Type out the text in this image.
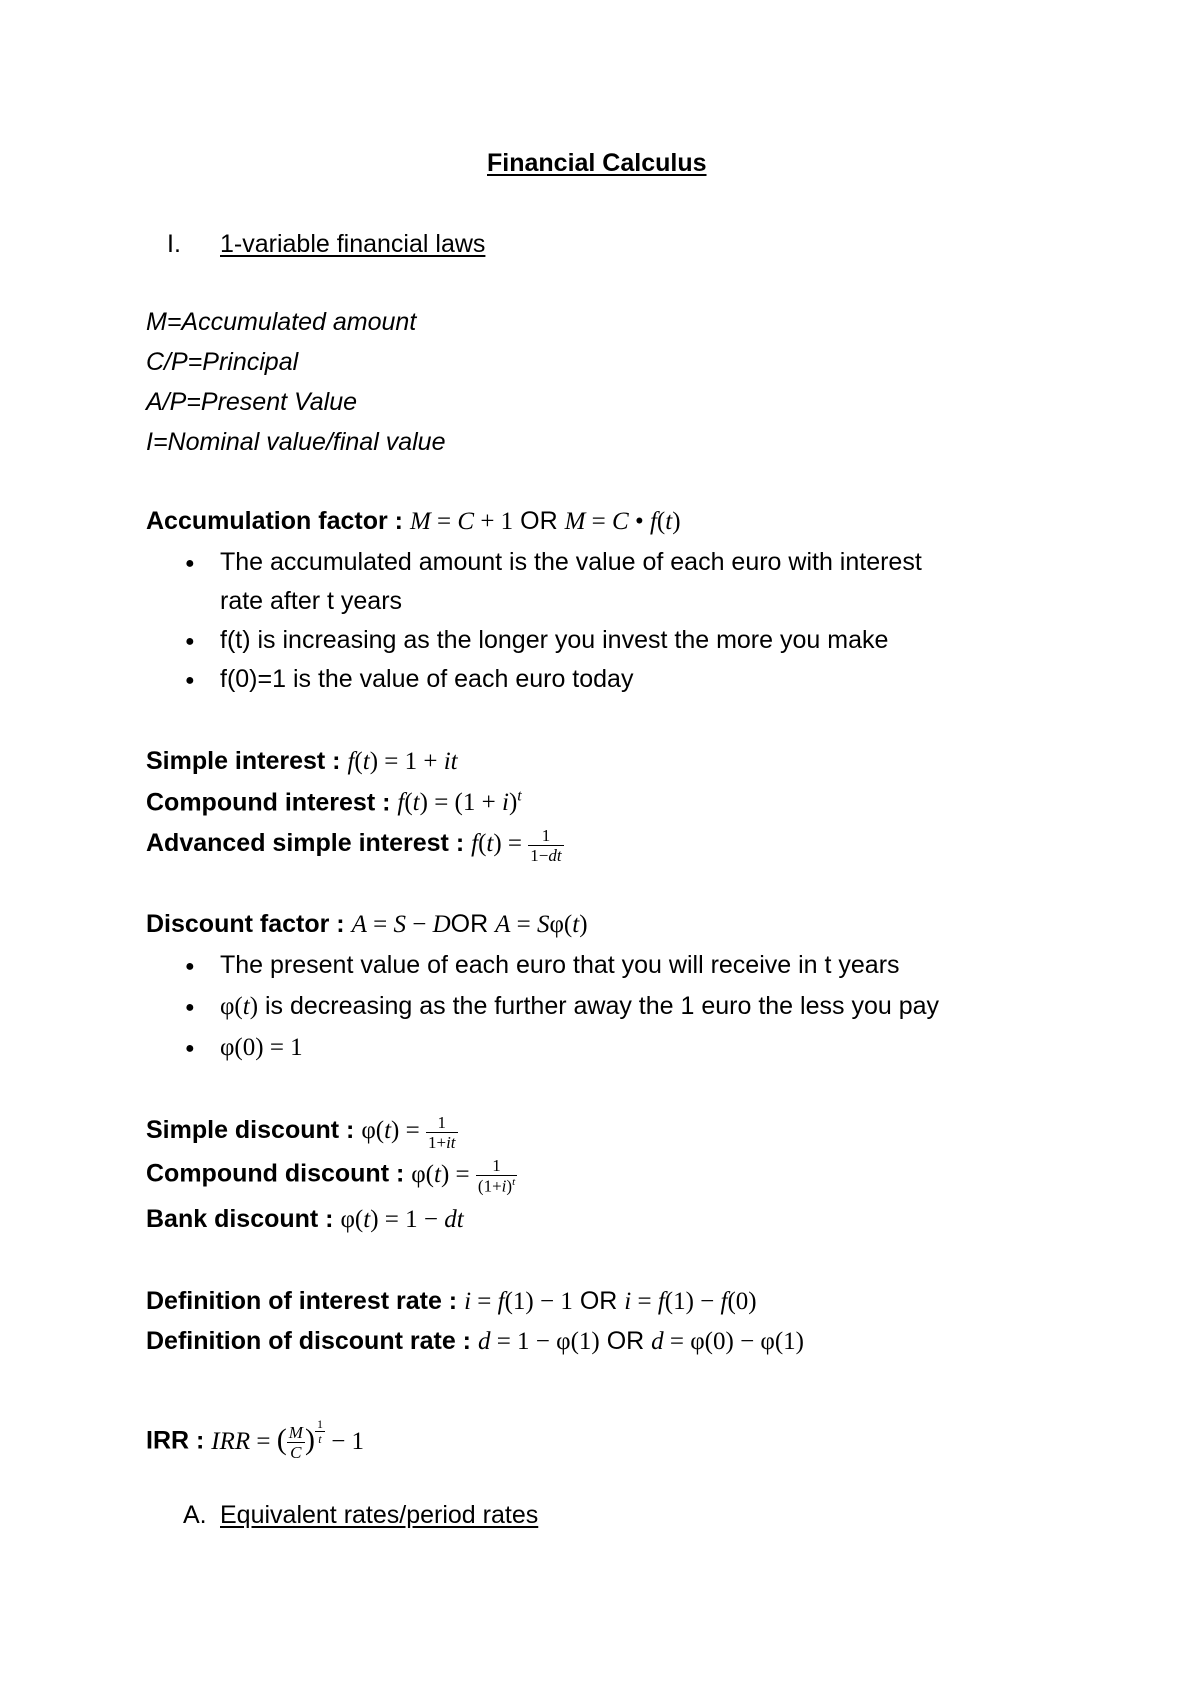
Financial Calculus
I. 1-variable financial laws
M=Accumulated amount
C/P=Principal
A/P=Present Value
I=Nominal value/final value
Accumulation factor : M = C + 1 OR M = C • f(t)
● The accumulated amount is the value of each euro with interest
rate after t years
● f(t) is increasing as the longer you invest the more you make
● f(0)=1 is the value of each euro today
Simple interest : f(t) = 1 + it
Compound interest : $f(t) = (1 + i)^t$
Advanced simple interest : $f(t) = \frac{1}{1-dt}$
Discount factor : A = S − DOR A = Sφ(t)
● The present value of each euro that you will receive in t years
● φ(t) is decreasing as the further away the 1 euro the less you pay
● φ(0) = 1
Simple discount : $\varphi(t) = \frac{1}{1+it}$
Compound discount : $\varphi(t) = \frac{1}{(1+i)^t}$
Bank discount : φ(t) = 1 − dt
Definition of interest rate : i = f(1) − 1 OR i = f(1) − f(0)
Definition of discount rate : d = 1 − φ(1) OR d = φ(0) − φ(1)
IRR : IRR = ( $\frac{M}{C}$ ) $^{\frac{1}{t}}$ − 1
A. Equivalent rates/period rates
